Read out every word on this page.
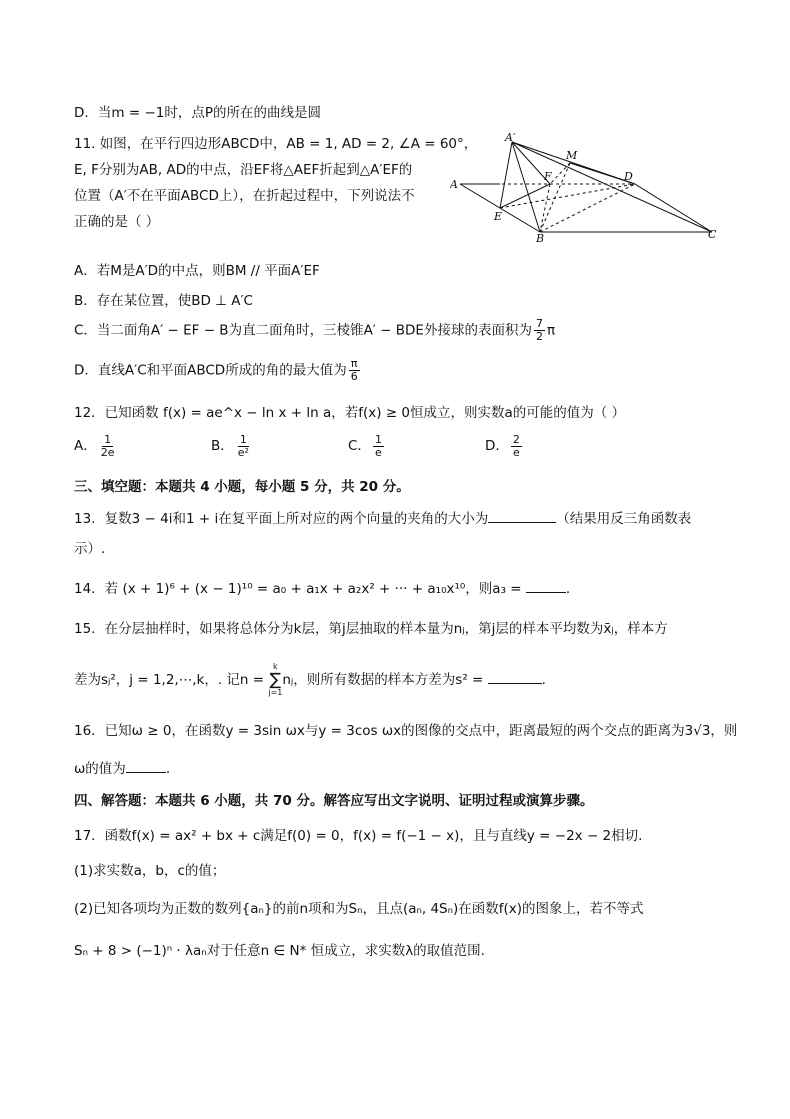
D．当m = −1时，点P的所在的曲线是圆
11. 如图，在平行四边形ABCD中，AB = 1, AD = 2, ∠A = 60°，
E, F分别为AB, AD的中点，沿EF将△AEF折起到△A′EF的
位置（A′不在平面ABCD上），在折起过程中，下列说法不
正确的是（ ）
A′
M
A
F	D
E
B	C
A．若M是A′D的中点，则BM // 平面A′EF
B．存在某位置，使BD ⊥ A′C
C．当二面角A′ − EF − B为直二面角时，三棱锥A′ − BDE外接球的表面积为 $\frac{7}{2}$ π
D．直线A′C和平面ABCD所成的角的最大值为 $\frac{\pi}{6}$
12．已知函数 f(x) = ae^x − ln x + ln a，若f(x) ≥ 0恒成立，则实数a的可能的值为（ ）
A． $\frac{1}{2e}$	B． $\frac{1}{\text{e²}}$	C． $\frac{1}{e}$	D． $\frac{2}{e}$
三、填空题：本题共 4 小题，每小题 5 分，共 20 分。
13．复数3 − 4i和1 + i在复平面上所对应的两个向量的夹角的大小为	（结果用反三角函数表
示）.
14．若 (x + 1)⁶ + (x − 1)¹⁰ = a₀ + a₁x + a₂x² + ··· + a₁₀x¹⁰，则a₃ =	.
15．在分层抽样时，如果将总体分为k层，第j层抽取的样本量为nⱼ，第j层的样本平均数为x̄ⱼ，样本方
差为sⱼ²，j = 1,2,⋯,k，. 记n =
k
∑
j=1
nⱼ，则所有数据的样本方差为s² =	.
16．已知ω ≥ 0，在函数y = 3sin ωx与y = 3cos ωx的图像的交点中，距离最短的两个交点的距离为3√3，则
ω的值为	.
四、解答题：本题共 6 小题，共 70 分。解答应写出文字说明、证明过程或演算步骤。
17．函数f(x) = ax² + bx + c满足f(0) = 0，f(x) = f(−1 − x)，且与直线y = −2x − 2相切.
(1)求实数a，b，c的值；
(2)已知各项均为正数的数列{aₙ}的前n项和为Sₙ，且点(aₙ, 4Sₙ)在函数f(x)的图象上，若不等式
Sₙ + 8 > (−1)ⁿ · λaₙ对于任意n ∈ N* 恒成立，求实数λ的取值范围.
